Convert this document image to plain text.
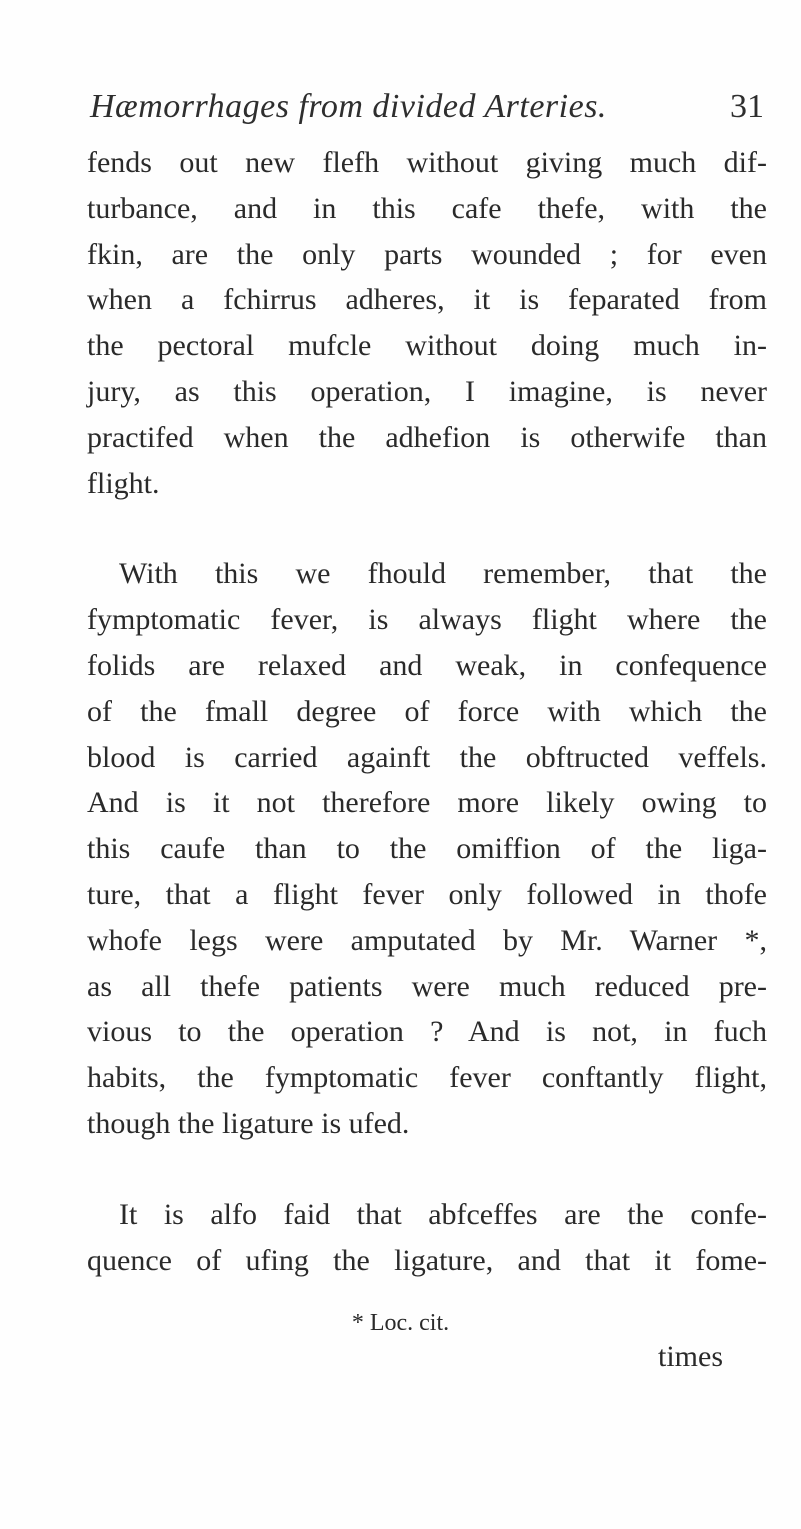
Hæmorrhages from divided Arteries.	31
fends out new flefh without giving much dif-
turbance, and in this cafe thefe, with the
fkin, are the only parts wounded ; for even
when a fchirrus adheres, it is feparated from
the pectoral mufcle without doing much in-
jury, as this operation, I imagine, is never
practifed when the adhefion is otherwife than
flight.
With this we fhould remember, that the
fymptomatic fever, is always flight where the
folids are relaxed and weak, in confequence
of the fmall degree of force with which the
blood is carried againft the obftructed veffels.
And is it not therefore more likely owing to
this caufe than to the omiffion of the liga-
ture, that a flight fever only followed in thofe
whofe legs were amputated by Mr. Warner *,
as all thefe patients were much reduced pre-
vious to the operation ? And is not, in fuch
habits, the fymptomatic fever conftantly flight,
though the ligature is ufed.
It is alfo faid that abfceffes are the confe-
quence of ufing the ligature, and that it fome-
* Loc. cit.
times
